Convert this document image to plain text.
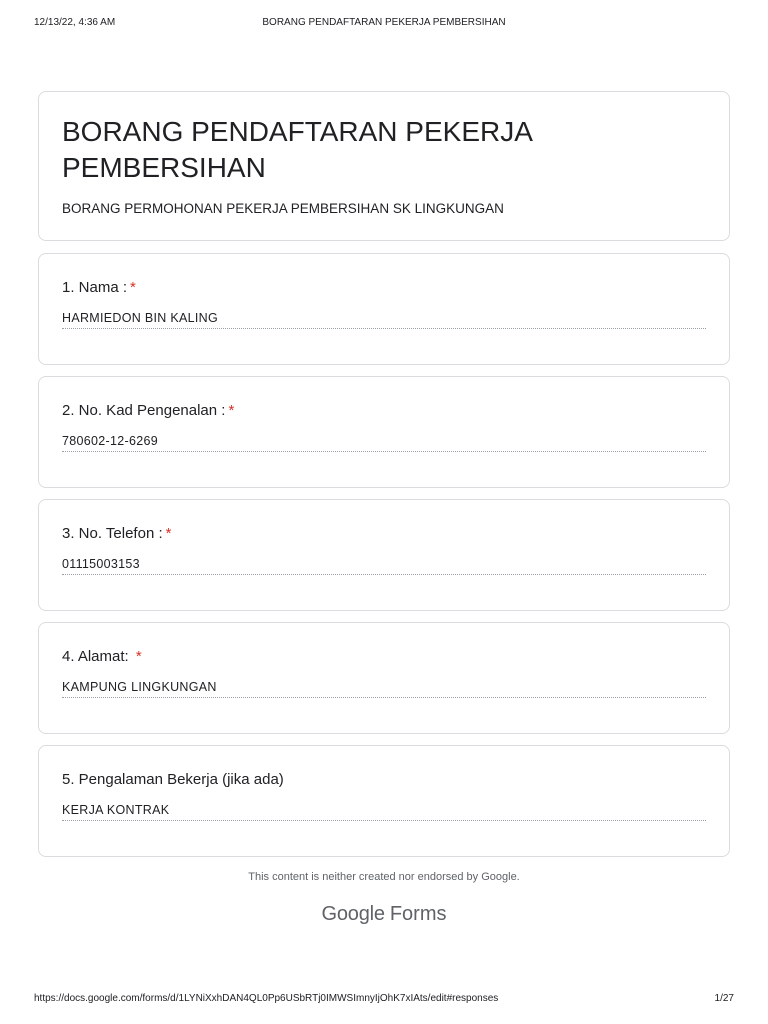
12/13/22, 4:36 AM	BORANG PENDAFTARAN PEKERJA PEMBERSIHAN
BORANG PENDAFTARAN PEKERJA PEMBERSIHAN
BORANG PERMOHONAN PEKERJA PEMBERSIHAN SK LINGKUNGAN
1. Nama : *
HARMIEDON BIN KALING
2. No. Kad Pengenalan : *
780602-12-6269
3. No. Telefon : *
01115003153
4. Alamat: *
KAMPUNG LINGKUNGAN
5. Pengalaman Bekerja (jika ada)
KERJA KONTRAK
This content is neither created nor endorsed by Google.
Google Forms
https://docs.google.com/forms/d/1LYNiXxhDAN4QL0Pp6USbRTj0IMWSImnyIjOhK7xIAts/edit#responses	1/27
